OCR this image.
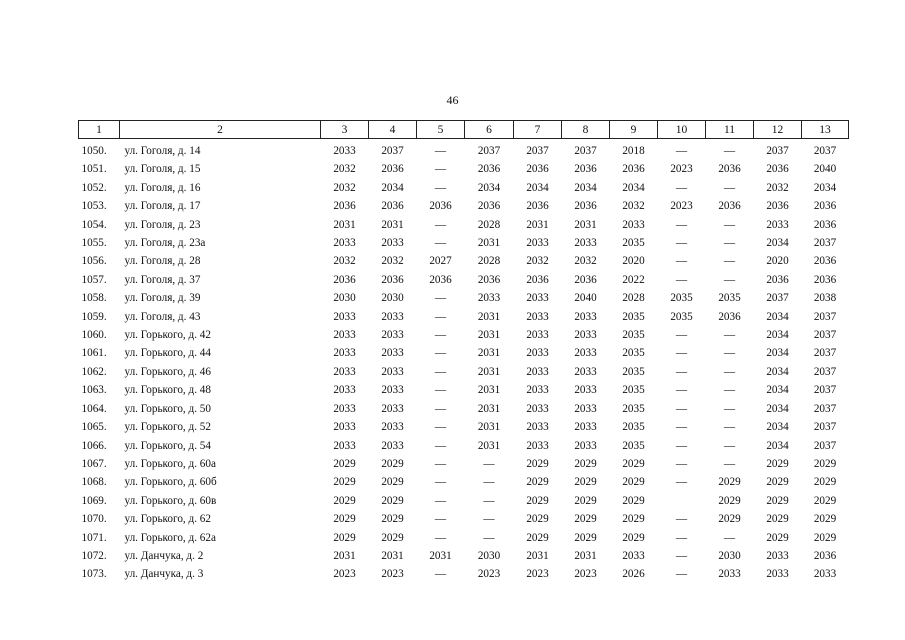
46
1	2	3	4	5	6	7	8	9	10	11	12	13

1050.	ул. Гоголя, д. 14	2033	2037	—	2037	2037	2037	2018	—	—	2037	2037
1051.	ул. Гоголя, д. 15	2032	2036	—	2036	2036	2036	2036	2023	2036	2036	2040
1052.	ул. Гоголя, д. 16	2032	2034	—	2034	2034	2034	2034	—	—	2032	2034
1053.	ул. Гоголя, д. 17	2036	2036	2036	2036	2036	2036	2032	2023	2036	2036	2036
1054.	ул. Гоголя, д. 23	2031	2031	—	2028	2031	2031	2033	—	—	2033	2036
1055.	ул. Гоголя, д. 23а	2033	2033	—	2031	2033	2033	2035	—	—	2034	2037
1056.	ул. Гоголя, д. 28	2032	2032	2027	2028	2032	2032	2020	—	—	2020	2036
1057.	ул. Гоголя, д. 37	2036	2036	2036	2036	2036	2036	2022	—	—	2036	2036
1058.	ул. Гоголя, д. 39	2030	2030	—	2033	2033	2040	2028	2035	2035	2037	2038
1059.	ул. Гоголя, д. 43	2033	2033	—	2031	2033	2033	2035	2035	2036	2034	2037
1060.	ул. Горького, д. 42	2033	2033	—	2031	2033	2033	2035	—	—	2034	2037
1061.	ул. Горького, д. 44	2033	2033	—	2031	2033	2033	2035	—	—	2034	2037
1062.	ул. Горького, д. 46	2033	2033	—	2031	2033	2033	2035	—	—	2034	2037
1063.	ул. Горького, д. 48	2033	2033	—	2031	2033	2033	2035	—	—	2034	2037
1064.	ул. Горького, д. 50	2033	2033	—	2031	2033	2033	2035	—	—	2034	2037
1065.	ул. Горького, д. 52	2033	2033	—	2031	2033	2033	2035	—	—	2034	2037
1066.	ул. Горького, д. 54	2033	2033	—	2031	2033	2033	2035	—	—	2034	2037
1067.	ул. Горького, д. 60а	2029	2029	—	—	2029	2029	2029	—	—	2029	2029
1068.	ул. Горького, д. 60б	2029	2029	—	—	2029	2029	2029	—	2029	2029	2029
1069.	ул. Горького, д. 60в	2029	2029	—	—	2029	2029	2029		2029	2029	2029
1070.	ул. Горького, д. 62	2029	2029	—	—	2029	2029	2029	—	2029	2029	2029
1071.	ул. Горького, д. 62а	2029	2029	—	—	2029	2029	2029	—	—	2029	2029
1072.	ул. Данчука, д. 2	2031	2031	2031	2030	2031	2031	2033	—	2030	2033	2036
1073.	ул. Данчука, д. 3	2023	2023	—	2023	2023	2023	2026	—	2033	2033	2033
